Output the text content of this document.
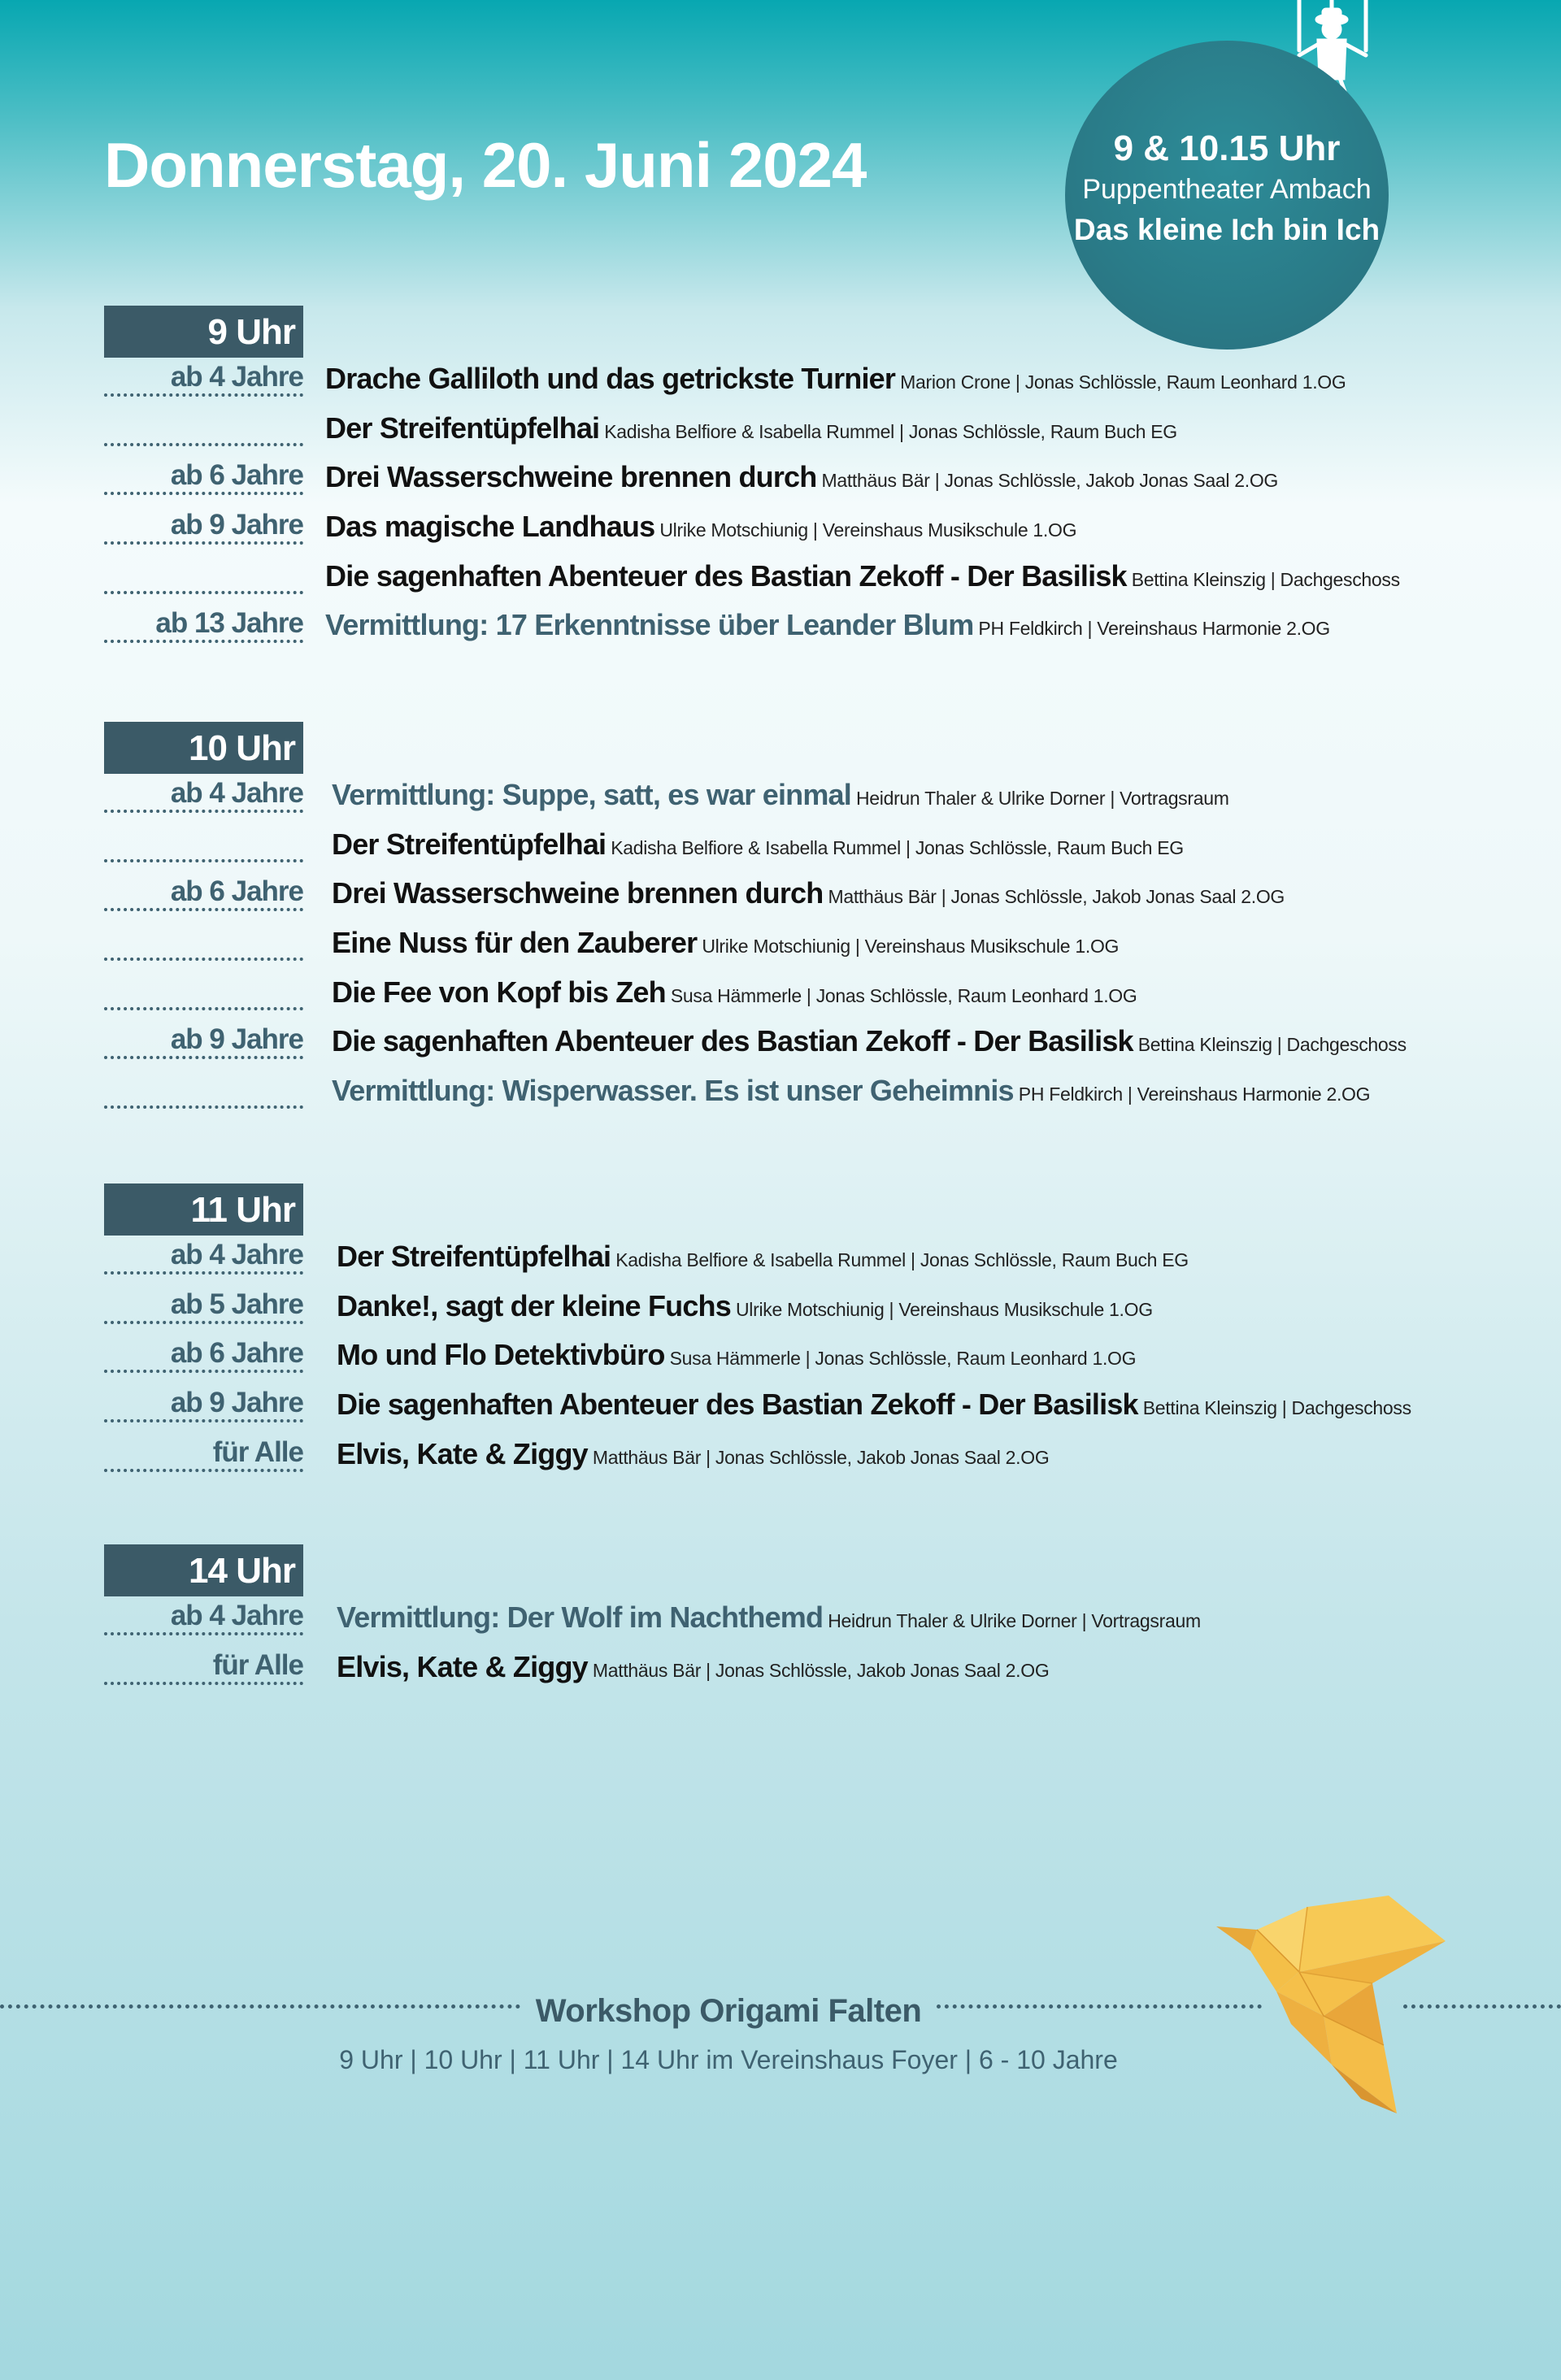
Donnerstag, 20. Juni 2024	9 & 10.15 Uhr
Puppentheater Ambach
Das kleine Ich bin Ich
9 Uhr
ab 4 Jahre Drache Galliloth und das getrickste Turnier Marion Crone | Jonas Schlössle, Raum Leonhard 1.OG
Der Streifentüpfelhai Kadisha Belfiore & Isabella Rummel | Jonas Schlössle, Raum Buch EG
ab 6 Jahre Drei Wasserschweine brennen durch Matthäus Bär | Jonas Schlössle, Jakob Jonas Saal 2.OG
ab 9 Jahre Das magische Landhaus Ulrike Motschiunig | Vereinshaus Musikschule 1.OG
Die sagenhaften Abenteuer des Bastian Zekoff - Der Basilisk Bettina Kleinszig | Dachgeschoss
ab 13 Jahre Vermittlung: 17 Erkenntnisse über Leander Blum PH Feldkirch | Vereinshaus Harmonie 2.OG
10 Uhr
ab 4 Jahre Vermittlung: Suppe, satt, es war einmal Heidrun Thaler & Ulrike Dorner | Vortragsraum
Der Streifentüpfelhai Kadisha Belfiore & Isabella Rummel | Jonas Schlössle, Raum Buch EG
ab 6 Jahre Drei Wasserschweine brennen durch Matthäus Bär | Jonas Schlössle, Jakob Jonas Saal 2.OG
Eine Nuss für den Zauberer Ulrike Motschiunig | Vereinshaus Musikschule 1.OG
Die Fee von Kopf bis Zeh Susa Hämmerle | Jonas Schlössle, Raum Leonhard 1.OG
ab 9 Jahre Die sagenhaften Abenteuer des Bastian Zekoff - Der Basilisk Bettina Kleinszig | Dachgeschoss
Vermittlung: Wisperwasser. Es ist unser Geheimnis PH Feldkirch | Vereinshaus Harmonie 2.OG
11 Uhr
ab 4 Jahre Der Streifentüpfelhai Kadisha Belfiore & Isabella Rummel | Jonas Schlössle, Raum Buch EG
ab 5 Jahre Danke!, sagt der kleine Fuchs Ulrike Motschiunig | Vereinshaus Musikschule 1.OG
ab 6 Jahre Mo und Flo Detektivbüro Susa Hämmerle | Jonas Schlössle, Raum Leonhard 1.OG
ab 9 Jahre Die sagenhaften Abenteuer des Bastian Zekoff - Der Basilisk Bettina Kleinszig | Dachgeschoss
für Alle Elvis, Kate & Ziggy Matthäus Bär | Jonas Schlössle, Jakob Jonas Saal 2.OG
14 Uhr
ab 4 Jahre Vermittlung: Der Wolf im Nachthemd Heidrun Thaler & Ulrike Dorner | Vortragsraum
für Alle Elvis, Kate & Ziggy Matthäus Bär | Jonas Schlössle, Jakob Jonas Saal 2.OG
Workshop Origami Falten
9 Uhr | 10 Uhr | 11 Uhr | 14 Uhr im Vereinshaus Foyer | 6 - 10 Jahre
